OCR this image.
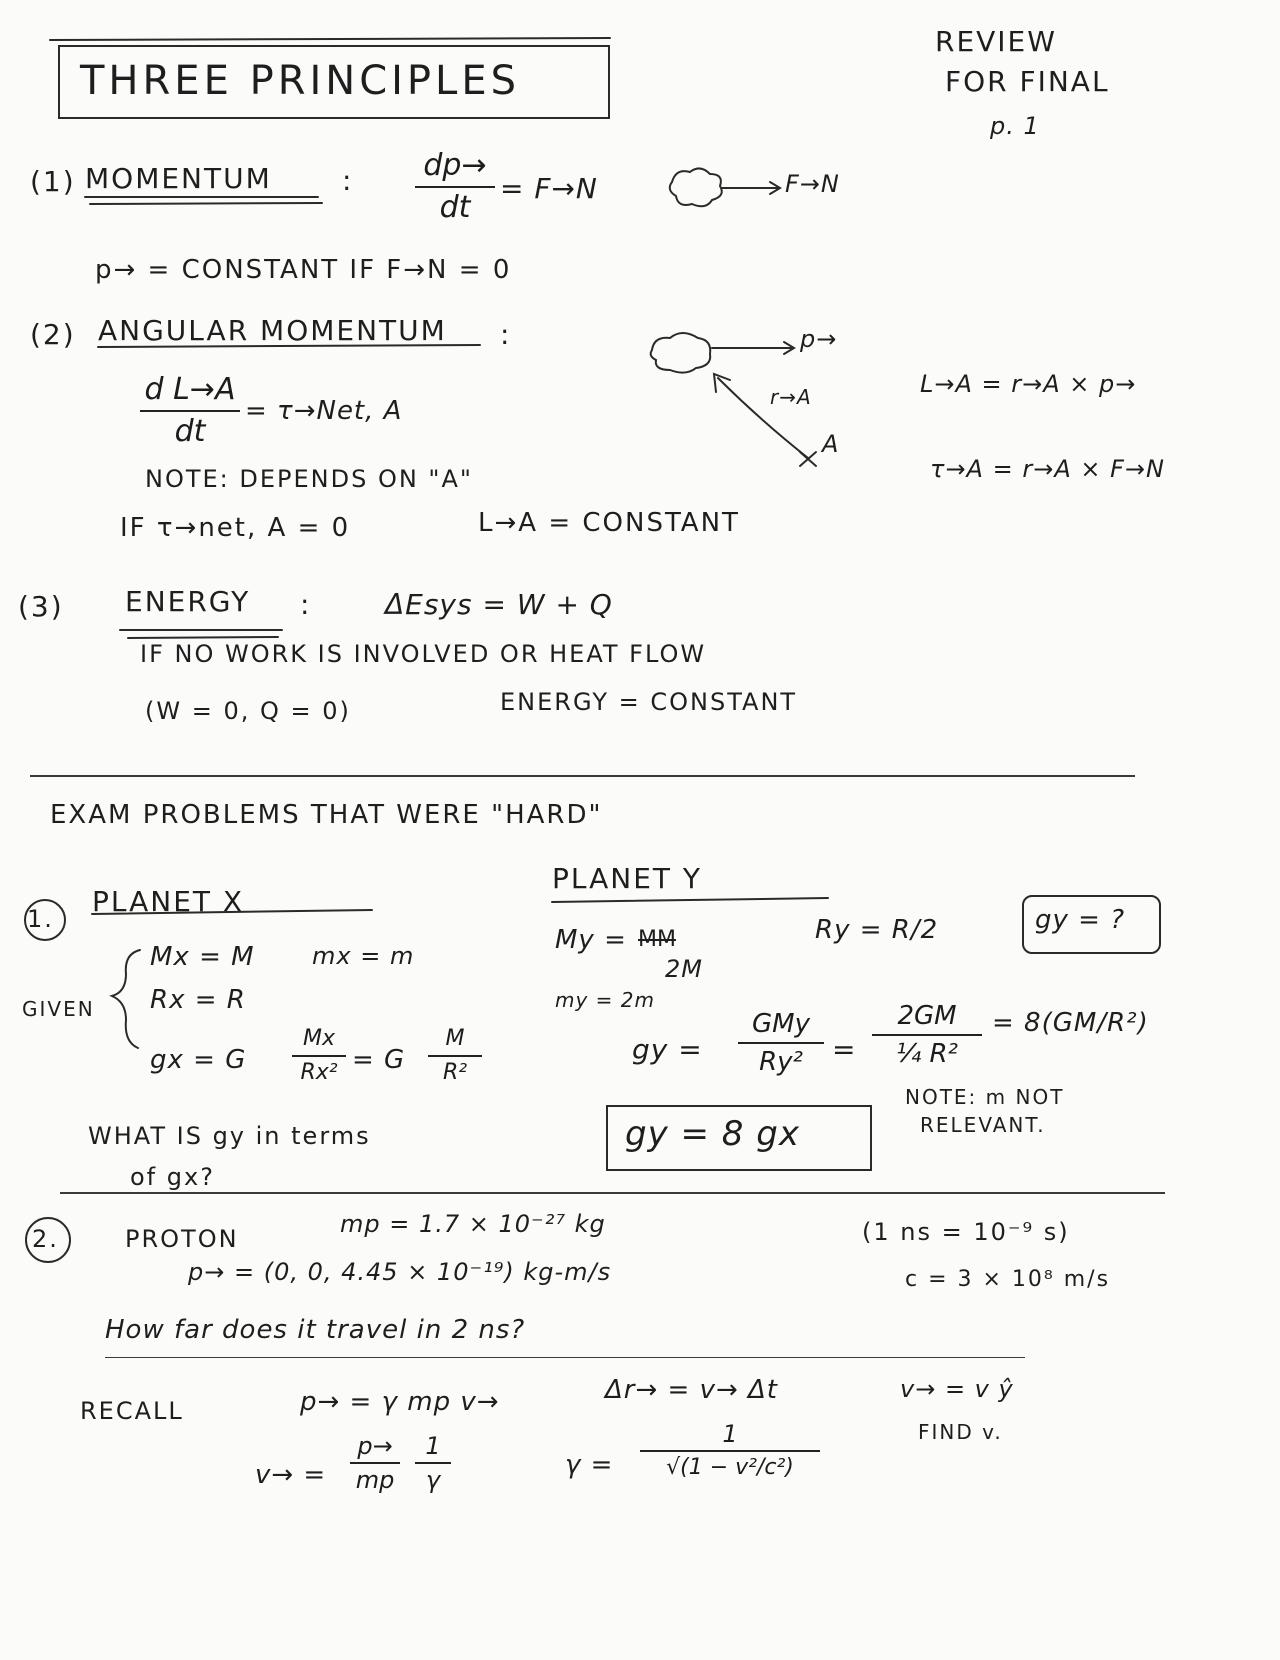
THREE PRINCIPLES
REVIEW
FOR FINAL
p. 1
(1) MOMENTUM	: dp→
dt
= F→N	F→N
p→ = CONSTANT IF F→N = 0
(2) ANGULAR MOMENTUM :
d L→A
dt
= τ→Net, A
NOTE: DEPENDS ON "A"
IF τ→net, A = 0	L→A = CONSTANT
p→
r→A
A
L→A = r→A × p→
τ→A = r→A × F→N
(3) ENERGY :	ΔEsys = W + Q
IF NO WORK IS INVOLVED OR HEAT FLOW
(W = 0, Q = 0)	ENERGY = CONSTANT
EXAM PROBLEMS THAT WERE "HARD"
1.
PLANET X
GIVEN
Mx = M mx = m
Rx = R
gx = G
Mx
Rx² = G
M
R²
WHAT IS gy in terms
of gx?
PLANET Y
My = MM
2M
my = 2m
Ry = R/2	gy = ?
gy =
GMy
Ry²	=
2GM
¼ R²
= 8(GM/R²)
gy = 8 gx
NOTE: m NOT
RELEVANT.
2.	PROTON
mp = 1.7 × 10⁻²⁷ kg
p→ = (0, 0, 4.45 × 10⁻¹⁹) kg-m/s
How far does it travel in 2 ns?
(1 ns = 10⁻⁹ s)
c = 3 × 10⁸ m/s
RECALL	p→ = γ mp v→
v→ =
p→
mp
1
γ
Δr→ = v→ Δt
γ =
1
√(1 − v²/c²)
v→ = v ŷ
FIND v.
